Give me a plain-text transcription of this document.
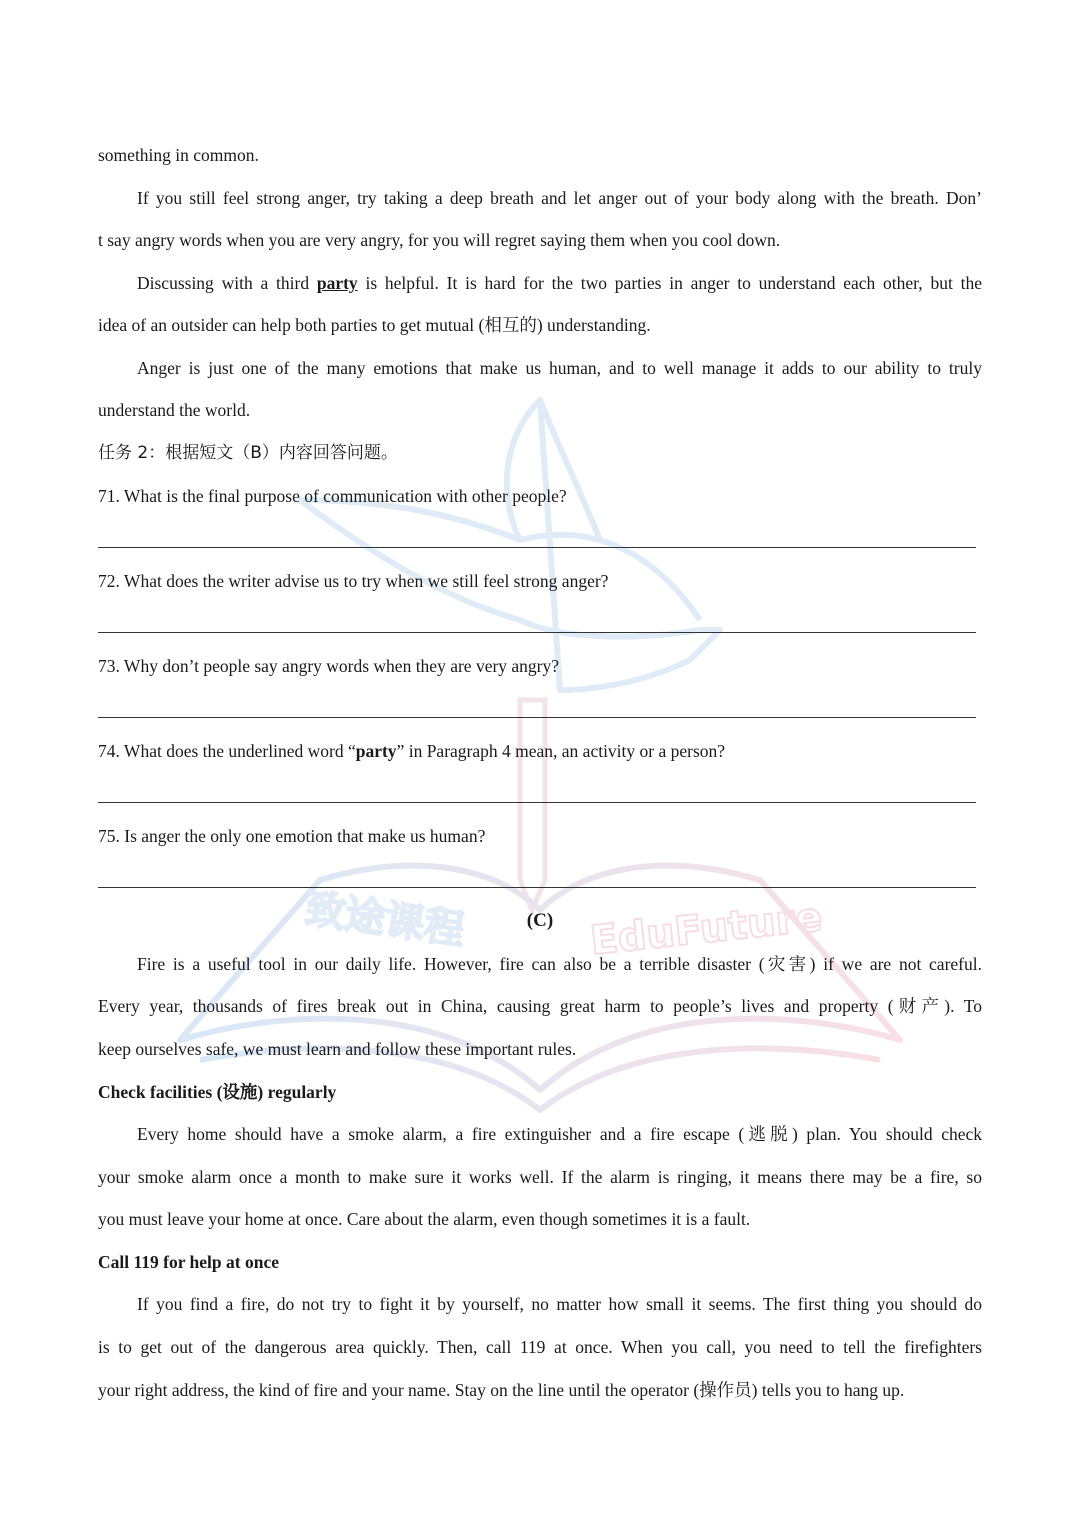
致途课程	EduFuture
something in common.
If you still feel strong anger, try taking a deep breath and let anger out of your body along with the breath. Don’
t say angry words when you are very angry, for you will regret saying them when you cool down.
Discussing with a third party is helpful. It is hard for the two parties in anger to understand each other, but the
idea of an outsider can help both parties to get mutual (相互的) understanding.
Anger is just one of the many emotions that make us human, and to well manage it adds to our ability to truly
understand the world.
任务 2：根据短文（B）内容回答问题。
71. What is the final purpose of communication with other people?
72. What does the writer advise us to try when we still feel strong anger?
73. Why don’t people say angry words when they are very angry?
74. What does the underlined word “party” in Paragraph 4 mean, an activity or a person?
75. Is anger the only one emotion that make us human?
(C)
Fire is a useful tool in our daily life. However, fire can also be a terrible disaster (灾害) if we are not careful.
Every year, thousands of fires break out in China, causing great harm to people’s lives and property (财产). To
keep ourselves safe, we must learn and follow these important rules.
Check facilities (设施) regularly
Every home should have a smoke alarm, a fire extinguisher and a fire escape (逃脱) plan. You should check
your smoke alarm once a month to make sure it works well. If the alarm is ringing, it means there may be a fire, so
you must leave your home at once. Care about the alarm, even though sometimes it is a fault.
Call 119 for help at once
If you find a fire, do not try to fight it by yourself, no matter how small it seems. The first thing you should do
is to get out of the dangerous area quickly. Then, call 119 at once. When you call, you need to tell the firefighters
your right address, the kind of fire and your name. Stay on the line until the operator (操作员) tells you to hang up.
